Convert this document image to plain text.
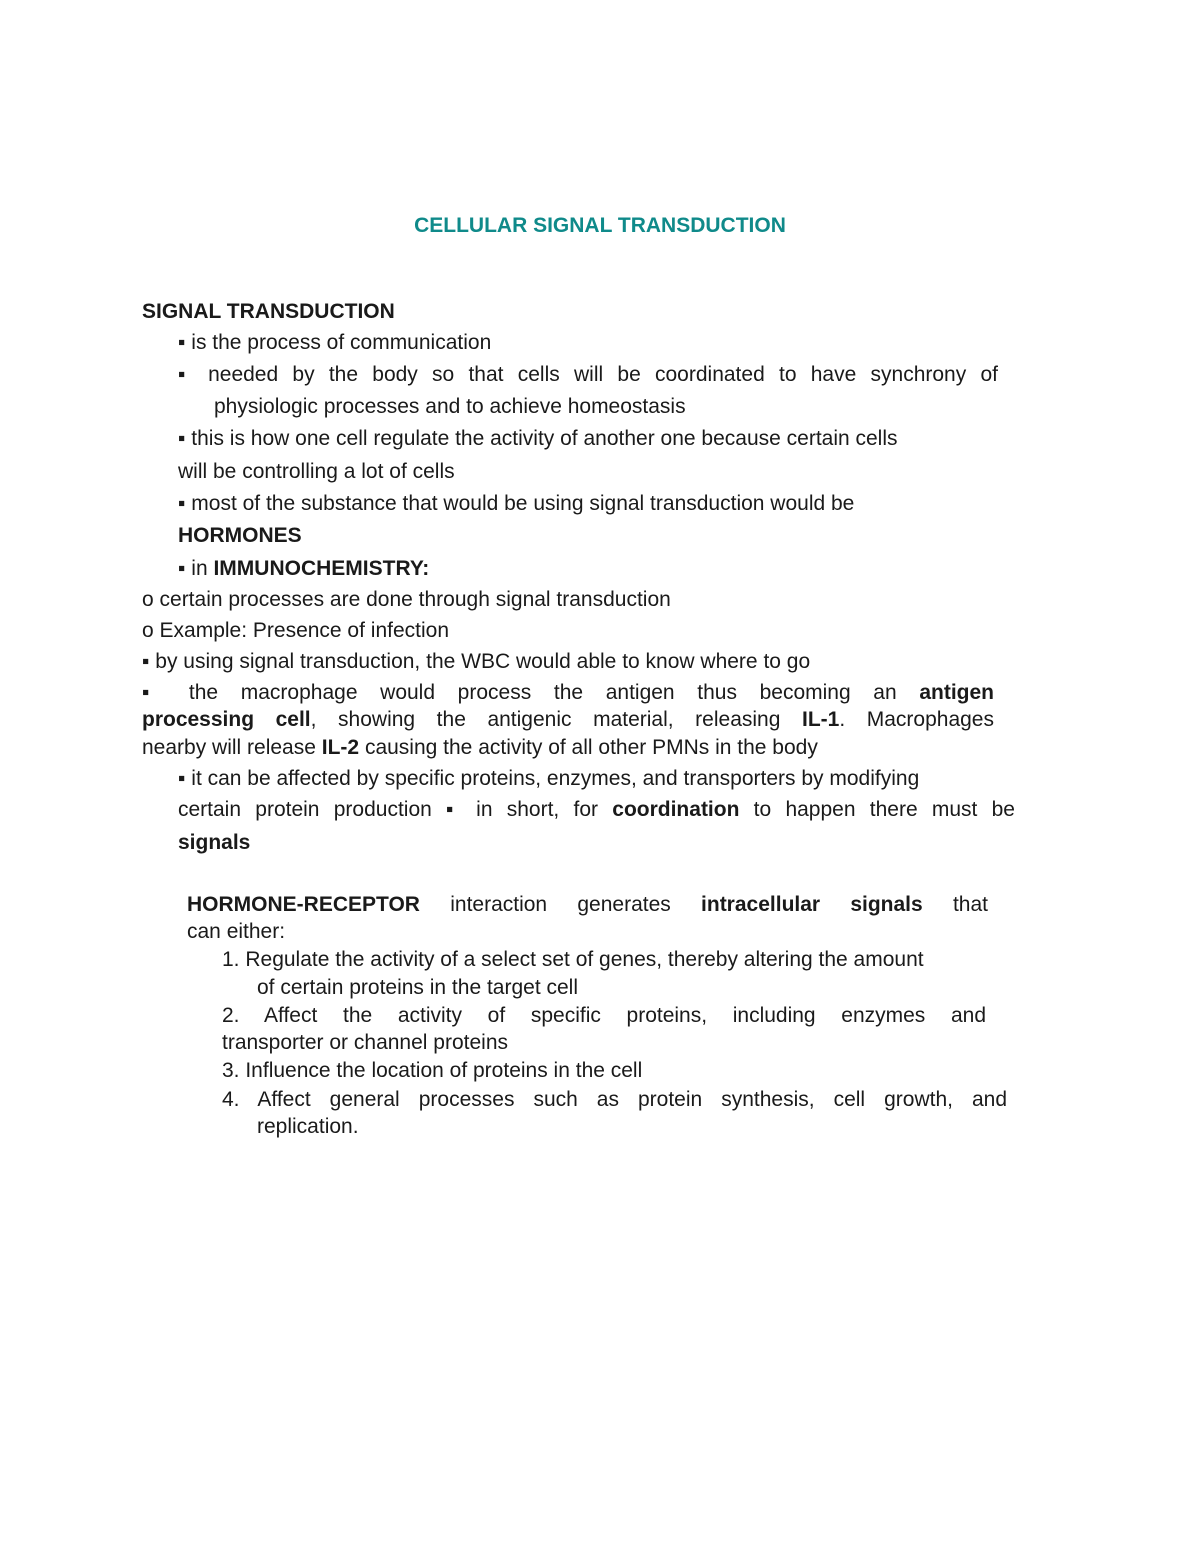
CELLULAR SIGNAL TRANSDUCTION
SIGNAL TRANSDUCTION
▪ is the process of communication
▪ needed by the body so that cells will be coordinated to have synchrony of
physiologic processes and to achieve homeostasis
▪ this is how one cell regulate the activity of another one because certain cells
will be controlling a lot of cells
▪ most of the substance that would be using signal transduction would be
HORMONES
▪ in IMMUNOCHEMISTRY:
o certain processes are done through signal transduction
o Example: Presence of infection
▪ by using signal transduction, the WBC would able to know where to go
▪ the macrophage would process the antigen thus becoming an antigen
processing cell, showing the antigenic material, releasing IL-1. Macrophages
nearby will release IL-2 causing the activity of all other PMNs in the body
▪ it can be affected by specific proteins, enzymes, and transporters by modifying
certain protein production ▪ in short, for coordination to happen there must be
signals
HORMONE-RECEPTOR interaction generates intracellular signals that
can either:
1. Regulate the activity of a select set of genes, thereby altering the amount
of certain proteins in the target cell
2. Affect the activity of specific proteins, including enzymes and
transporter or channel proteins
3. Influence the location of proteins in the cell
4. Affect general processes such as protein synthesis, cell growth, and
replication.
